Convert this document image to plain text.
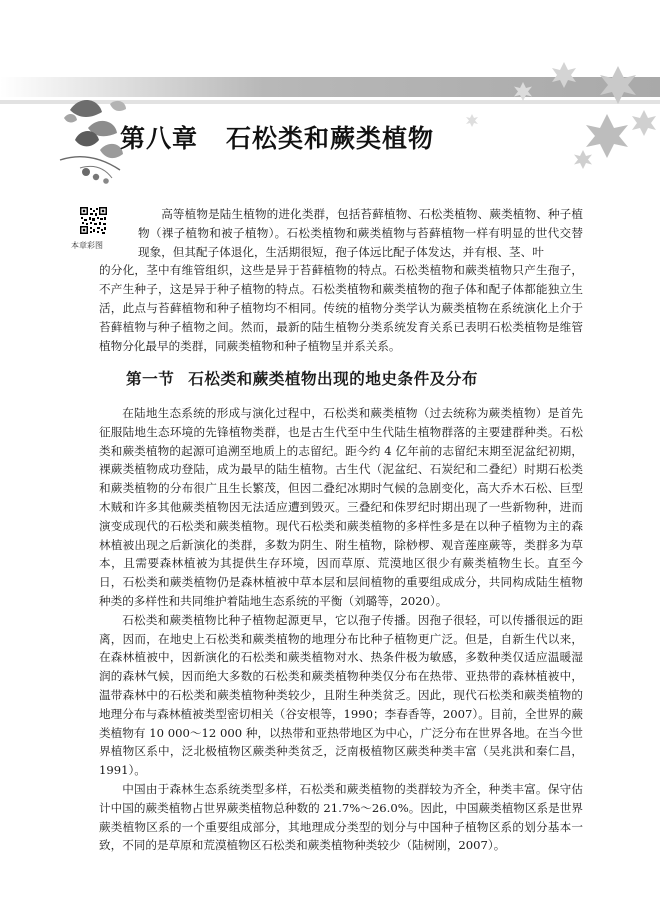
第八章 石松类和蕨类植物
本章彩图

高等植物是陆生植物的进化类群，包括苔藓植物、石松类植物、蕨类植物、种子植物（裸子植物和被子植物）。石松类植物和蕨类植物与苔藓植物一样有明显的世代交替现象，但其配子体退化，生活期很短，孢子体远比配子体发达，并有根、茎、叶

的分化，茎中有维管组织，这些是异于苔藓植物的特点。石松类植物和蕨类植物只产生孢子，不产生种子，这是异于种子植物的特点。石松类植物和蕨类植物的孢子体和配子体都能独立生活，此点与苔藓植物和种子植物均不相同。传统的植物分类学认为蕨类植物在系统演化上介于苔藓植物与种子植物之间。然而，最新的陆生植物分类系统发育关系已表明石松类植物是维管植物分化最早的类群，同蕨类植物和种子植物呈并系关系。

第一节 石松类和蕨类植物出现的地史条件及分布

在陆地生态系统的形成与演化过程中，石松类和蕨类植物（过去统称为蕨类植物）是首先征服陆地生态环境的先锋植物类群，也是古生代至中生代陆生植物群落的主要建群种类。石松类和蕨类植物的起源可追溯至地质上的志留纪。距今约 4 亿年前的志留纪末期至泥盆纪初期，裸蕨类植物成功登陆，成为最早的陆生植物。古生代（泥盆纪、石炭纪和二叠纪）时期石松类和蕨类植物的分布很广且生长繁茂，但因二叠纪冰期时气候的急剧变化，高大乔木石松、巨型木贼和许多其他蕨类植物因无法适应遭到毁灭。三叠纪和侏罗纪时期出现了一些新物种，进而演变成现代的石松类和蕨类植物。现代石松类和蕨类植物的多样性多是在以种子植物为主的森林植被出现之后新演化的类群，多数为阴生、附生植物，除桫椤、观音莲座蕨等，类群多为草本，且需要森林植被为其提供生存环境，因而草原、荒漠地区很少有蕨类植物生长。直至今日，石松类和蕨类植物仍是森林植被中草本层和层间植物的重要组成成分，共同构成陆生植物种类的多样性和共同维护着陆地生态系统的平衡（刘璐等，2020）。

石松类和蕨类植物比种子植物起源更早，它以孢子传播。因孢子很轻，可以传播很远的距离，因而，在地史上石松类和蕨类植物的地理分布比种子植物更广泛。但是，自新生代以来，在森林植被中，因新演化的石松类和蕨类植物对水、热条件极为敏感，多数种类仅适应温暖湿润的森林气候，因而绝大多数的石松类和蕨类植物种类仅分布在热带、亚热带的森林植被中，温带森林中的石松类和蕨类植物种类较少，且附生种类贫乏。因此，现代石松类和蕨类植物的地理分布与森林植被类型密切相关（谷安根等，1990；李春香等，2007）。目前，全世界的蕨类植物有 10 000～12 000 种，以热带和亚热带地区为中心，广泛分布在世界各地。在当今世界植物区系中，泛北极植物区蕨类种类贫乏，泛南极植物区蕨类种类丰富（吴兆洪和秦仁昌，1991）。

中国由于森林生态系统类型多样，石松类和蕨类植物的类群较为齐全，种类丰富。保守估计中国的蕨类植物占世界蕨类植物总种数的 21.7%～26.0%。因此，中国蕨类植物区系是世界蕨类植物区系的一个重要组成部分，其地理成分类型的划分与中国种子植物区系的划分基本一致，不同的是草原和荒漠植物区石松类和蕨类植物种类较少（陆树刚，2007）。
